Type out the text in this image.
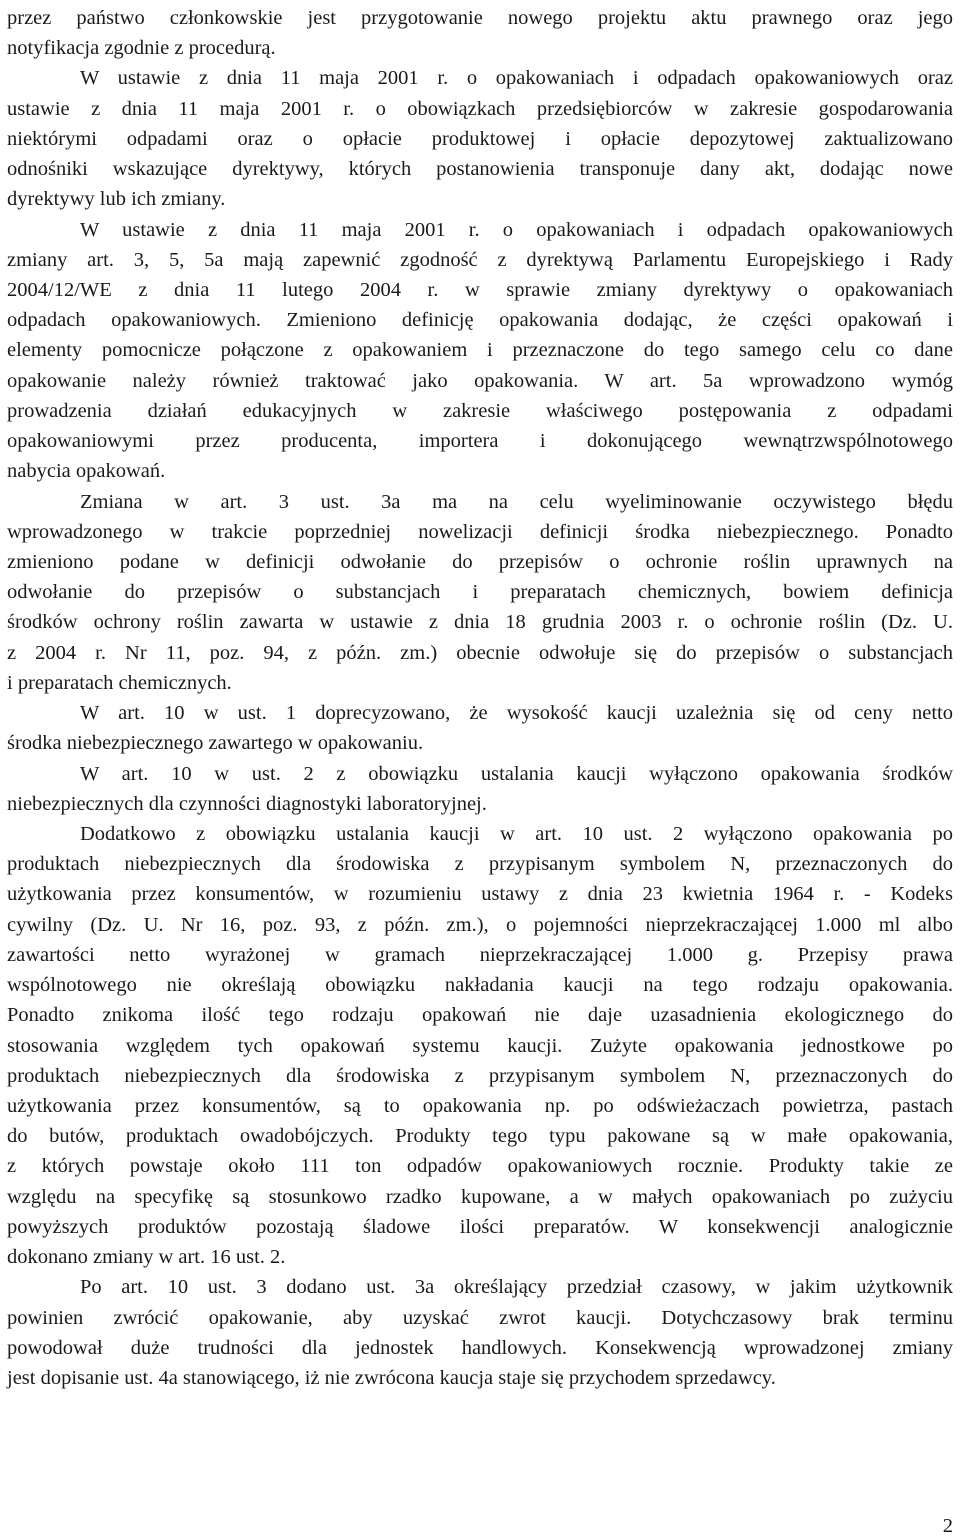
przez państwo członkowskie jest przygotowanie nowego projektu aktu prawnego oraz jego
notyfikacja zgodnie z procedurą.
W ustawie z dnia 11 maja 2001 r. o opakowaniach i odpadach opakowaniowych oraz
ustawie z dnia 11 maja 2001 r. o obowiązkach przedsiębiorców w zakresie gospodarowania
niektórymi odpadami oraz o opłacie produktowej i opłacie depozytowej zaktualizowano
odnośniki wskazujące dyrektywy, których postanowienia transponuje dany akt, dodając nowe
dyrektywy lub ich zmiany.
W ustawie z dnia 11 maja 2001 r. o opakowaniach i odpadach opakowaniowych
zmiany art. 3, 5, 5a mają zapewnić zgodność z dyrektywą Parlamentu Europejskiego i Rady
2004/12/WE z dnia 11 lutego 2004 r. w sprawie zmiany dyrektywy o opakowaniach
odpadach opakowaniowych. Zmieniono definicję opakowania dodając, że części opakowań i
elementy pomocnicze połączone z opakowaniem i przeznaczone do tego samego celu co dane
opakowanie należy również traktować jako opakowania. W art. 5a wprowadzono wymóg
prowadzenia działań edukacyjnych w zakresie właściwego postępowania z odpadami
opakowaniowymi przez producenta, importera i dokonującego wewnątrzwspólnotowego
nabycia opakowań.
Zmiana w art. 3 ust. 3a ma na celu wyeliminowanie oczywistego błędu
wprowadzonego w trakcie poprzedniej nowelizacji definicji środka niebezpiecznego. Ponadto
zmieniono podane w definicji odwołanie do przepisów o ochronie roślin uprawnych na
odwołanie do przepisów o substancjach i preparatach chemicznych, bowiem definicja
środków ochrony roślin zawarta w ustawie z dnia 18 grudnia 2003 r. o ochronie roślin (Dz. U.
z 2004 r. Nr 11, poz. 94, z późn. zm.) obecnie odwołuje się do przepisów o substancjach
i preparatach chemicznych.
W art. 10 w ust. 1 doprecyzowano, że wysokość kaucji uzależnia się od ceny netto
środka niebezpiecznego zawartego w opakowaniu.
W art. 10 w ust. 2 z obowiązku ustalania kaucji wyłączono opakowania środków
niebezpiecznych dla czynności diagnostyki laboratoryjnej.
Dodatkowo z obowiązku ustalania kaucji w art. 10 ust. 2 wyłączono opakowania po
produktach niebezpiecznych dla środowiska z przypisanym symbolem N, przeznaczonych do
użytkowania przez konsumentów, w rozumieniu ustawy z dnia 23 kwietnia 1964 r. - Kodeks
cywilny (Dz. U. Nr 16, poz. 93, z późn. zm.), o pojemności nieprzekraczającej 1.000 ml albo
zawartości netto wyrażonej w gramach nieprzekraczającej 1.000 g. Przepisy prawa
wspólnotowego nie określają obowiązku nakładania kaucji na tego rodzaju opakowania.
Ponadto znikoma ilość tego rodzaju opakowań nie daje uzasadnienia ekologicznego do
stosowania względem tych opakowań systemu kaucji. Zużyte opakowania jednostkowe po
produktach niebezpiecznych dla środowiska z przypisanym symbolem N, przeznaczonych do
użytkowania przez konsumentów, są to opakowania np. po odświeżaczach powietrza, pastach
do butów, produktach owadobójczych. Produkty tego typu pakowane są w małe opakowania,
z których powstaje około 111 ton odpadów opakowaniowych rocznie. Produkty takie ze
względu na specyfikę są stosunkowo rzadko kupowane, a w małych opakowaniach po zużyciu
powyższych produktów pozostają śladowe ilości preparatów. W konsekwencji analogicznie
dokonano zmiany w art. 16 ust. 2.
Po art. 10 ust. 3 dodano ust. 3a określający przedział czasowy, w jakim użytkownik
powinien zwrócić opakowanie, aby uzyskać zwrot kaucji. Dotychczasowy brak terminu
powodował duże trudności dla jednostek handlowych. Konsekwencją wprowadzonej zmiany
jest dopisanie ust. 4a stanowiącego, iż nie zwrócona kaucja staje się przychodem sprzedawcy.
2
